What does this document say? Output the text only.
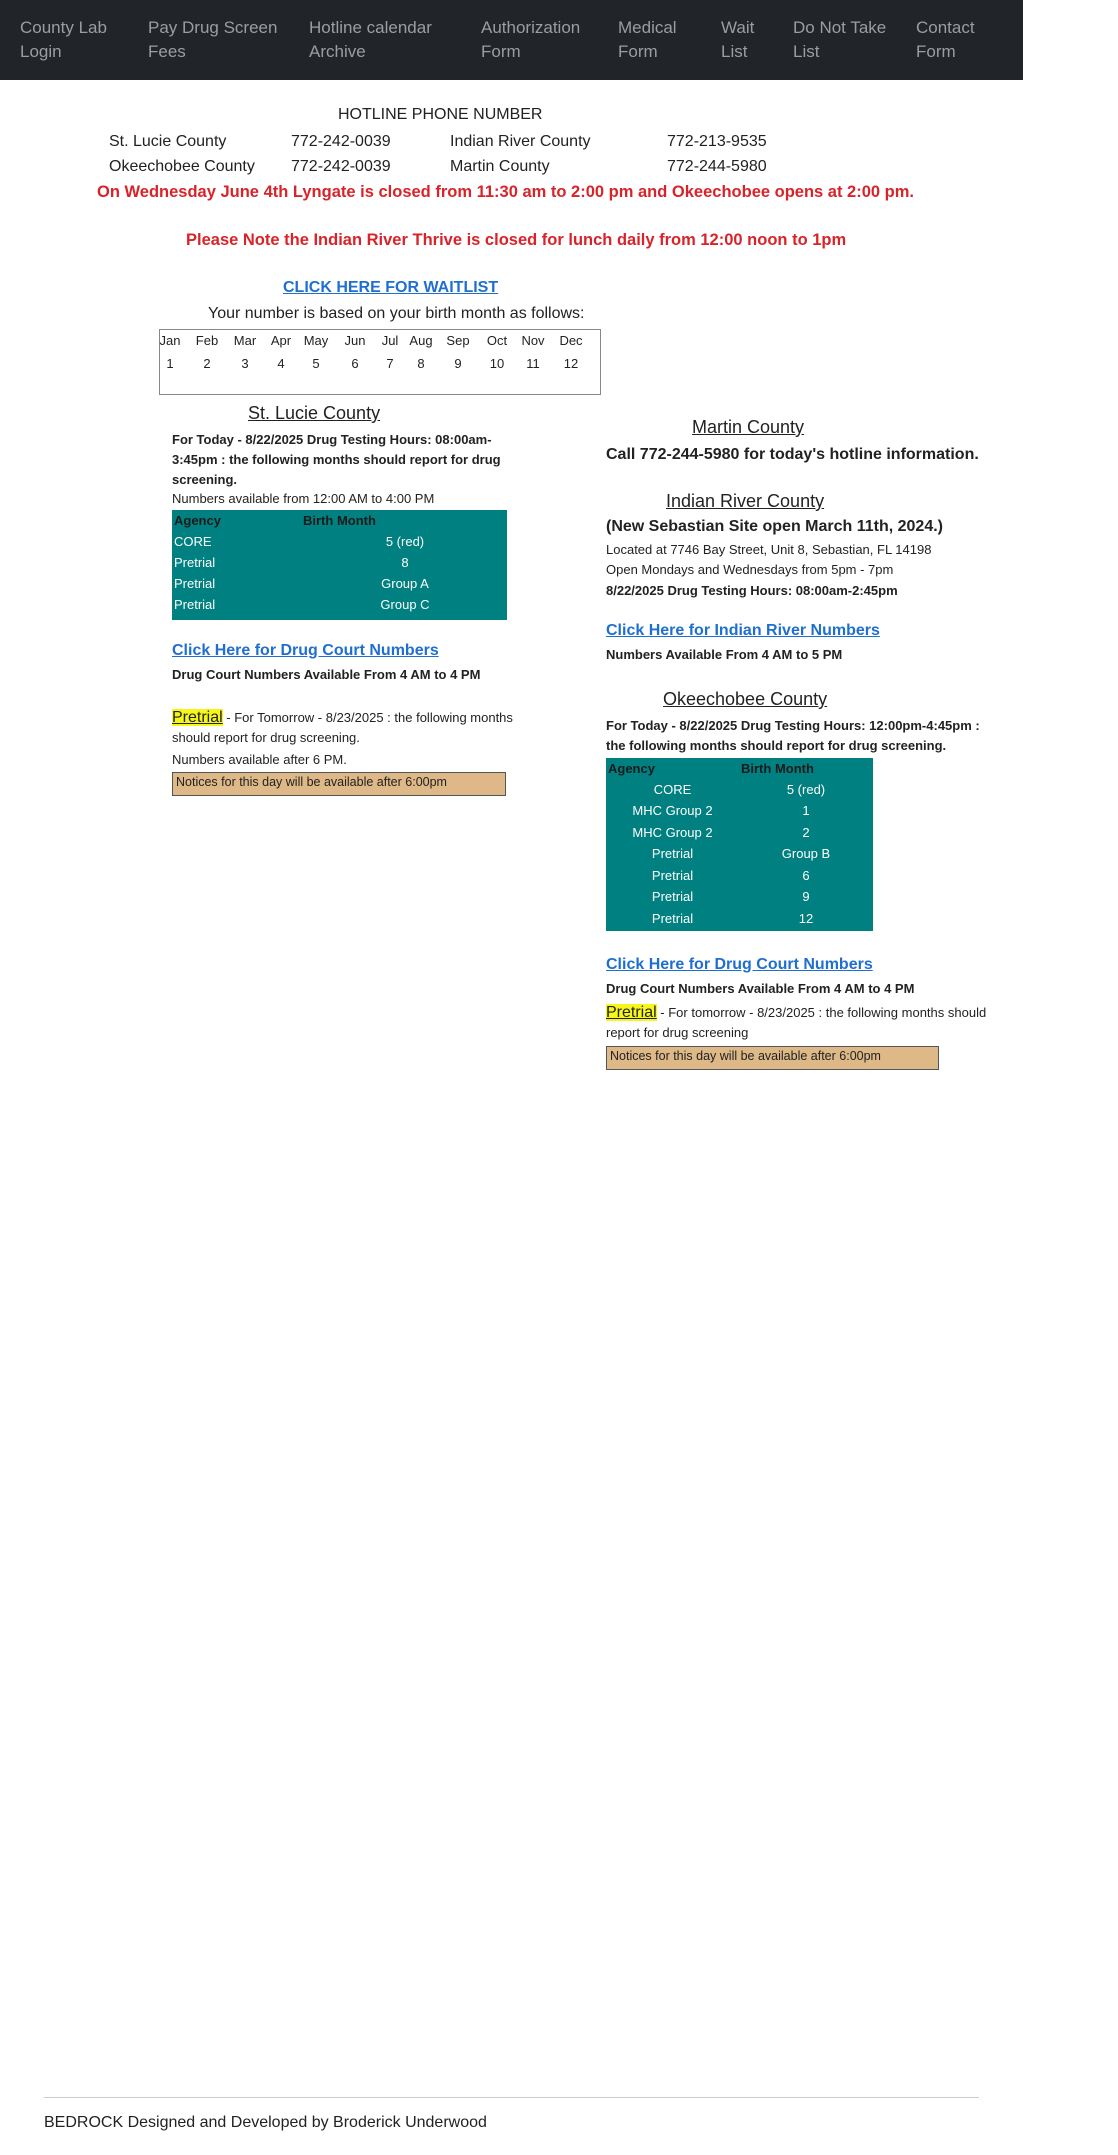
County Lab
Login
Pay Drug Screen
Fees
Hotline calendar
Archive
Authorization
Form
Medical
Form
Wait
List
Do Not Take
List
Contact
Form
HOTLINE PHONE NUMBER
St. Lucie County	772-242-0039	Indian River County	772-213-9535
Okeechobee County 772-242-0039	Martin County	772-244-5980
On Wednesday June 4th Lyngate is closed from 11:30 am to 2:00 pm and Okeechobee opens at 2:00 pm.
Please Note the Indian River Thrive is closed for lunch daily from 12:00 noon to 1pm
CLICK HERE FOR WAITLIST
Your number is based on your birth month as follows:
Jan	Feb Mar	Apr May	Jun	Jul Aug Sep	Oct	Nov Dec
1	2	3	4	5	6	7	8	9	10	11	12
St. Lucie County
For Today - 8/22/2025 Drug Testing Hours: 08:00am-
3:45pm : the following months should report for drug
screening.
Numbers available from 12:00 AM to 4:00 PM
Agency	Birth Month
CORE	5 (red)
Pretrial	8
Pretrial	Group A
Pretrial	Group C
Click Here for Drug Court Numbers
Drug Court Numbers Available From 4 AM to 4 PM
Pretrial - For Tomorrow - 8/23/2025 : the following months
should report for drug screening.
Numbers available after 6 PM.
Notices for this day will be available after 6:00pm
Martin County
Call 772-244-5980 for today's hotline information.
Indian River County
(New Sebastian Site open March 11th, 2024.)
Located at 7746 Bay Street, Unit 8, Sebastian, FL 14198
Open Mondays and Wednesdays from 5pm - 7pm
8/22/2025 Drug Testing Hours: 08:00am-2:45pm
Click Here for Indian River Numbers
Numbers Available From 4 AM to 5 PM
Okeechobee County
For Today - 8/22/2025 Drug Testing Hours: 12:00pm-4:45pm :
the following months should report for drug screening.
Agency	Birth Month
CORE	5 (red)
MHC Group 2	1
MHC Group 2	2
Pretrial	Group B
Pretrial	6
Pretrial	9
Pretrial	12
Click Here for Drug Court Numbers
Drug Court Numbers Available From 4 AM to 4 PM
Pretrial - For tomorrow - 8/23/2025 : the following months should
report for drug screening
Notices for this day will be available after 6:00pm
BEDROCK Designed and Developed by Broderick Underwood
